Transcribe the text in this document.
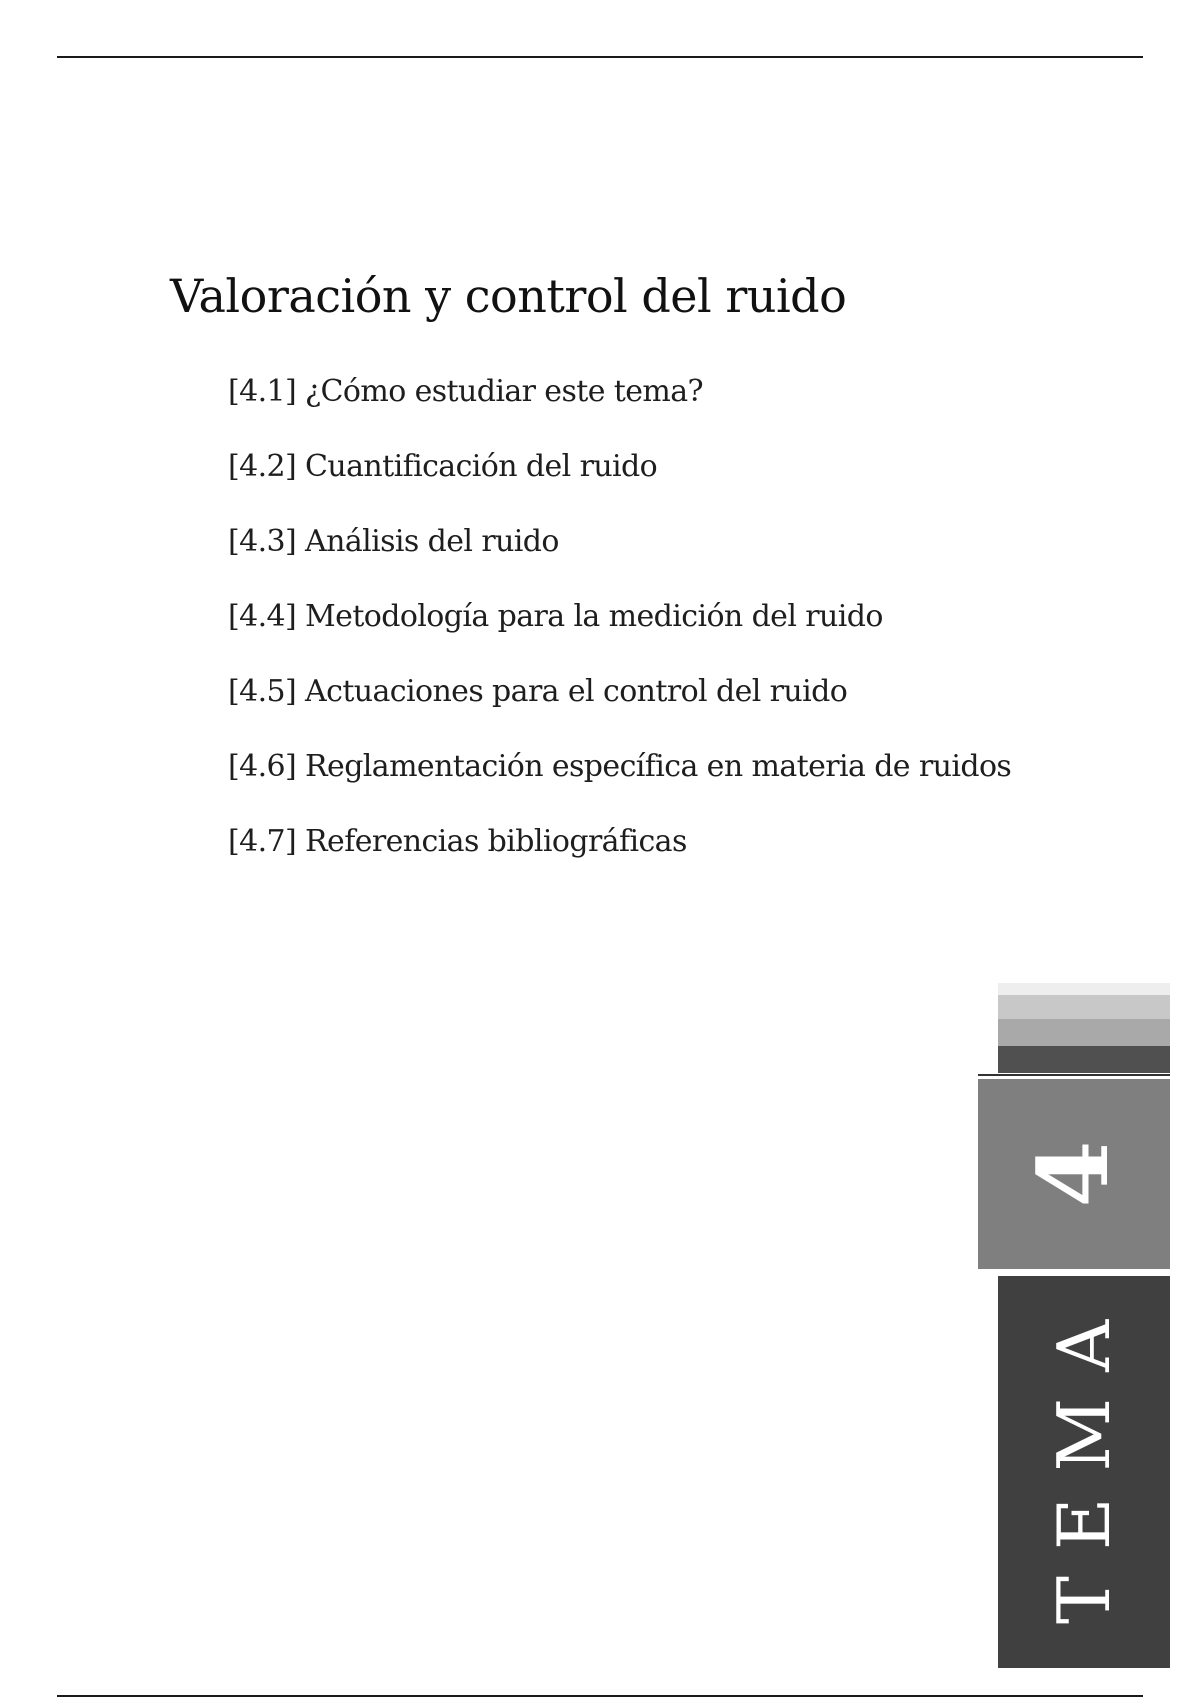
Valoración y control del ruido
[4.1] ¿Cómo estudiar este tema?
[4.2] Cuantificación del ruido
[4.3] Análisis del ruido
[4.4] Metodología para la medición del ruido
[4.5] Actuaciones para el control del ruido
[4.6] Reglamentación específica en materia de ruidos
[4.7] Referencias bibliográficas
4
TEMA
